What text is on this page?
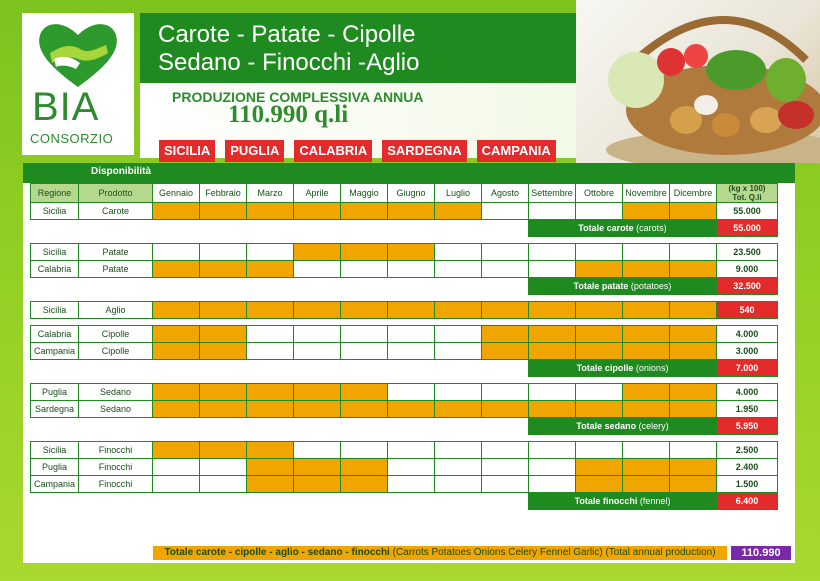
BIA
CONSORZIO
Carote - Patate - Cipolle
Sedano - Finocchi -Aglio
PRODUZIONE COMPLESSIVA ANNUA
110.990 q.li
SICILIA	PUGLIA	CALABRIA	SARDEGNA	CAMPANIA
Disponibilità
Regione	Prodotto	Gennaio	Febbraio	Marzo	Aprile	Maggio	Giugno	Luglio	Agosto	Settembre	Ottobre	Novembre	Dicembre	(kg x 100)
Tot. Q.li

Sicilia	Carote													55.000
										Totale carote (carots)				55.000

Sicilia	Patate													23.500
Calabria	Patate													9.000
										Totale patate (potatoes)				32.500

Sicilia	Aglio													540

Calabria	Cipolle													4.000
Campania	Cipolle													3.000
										Totale cipolle (onions)				7.000

Puglia	Sedano													4.000
Sardegna	Sedano													1.950
										Totale sedano (celery)				5.950

Sicilia	Finocchi													2.500
Puglia	Finocchi													2.400
Campania	Finocchi													1.500
										Totale finocchi (fennel)				6.400
Totale carote - cipolle - aglio - sedano - finocchi (Carrots Potatoes Onions Celery Fennel Garlic) (Total annual production)	110.990
